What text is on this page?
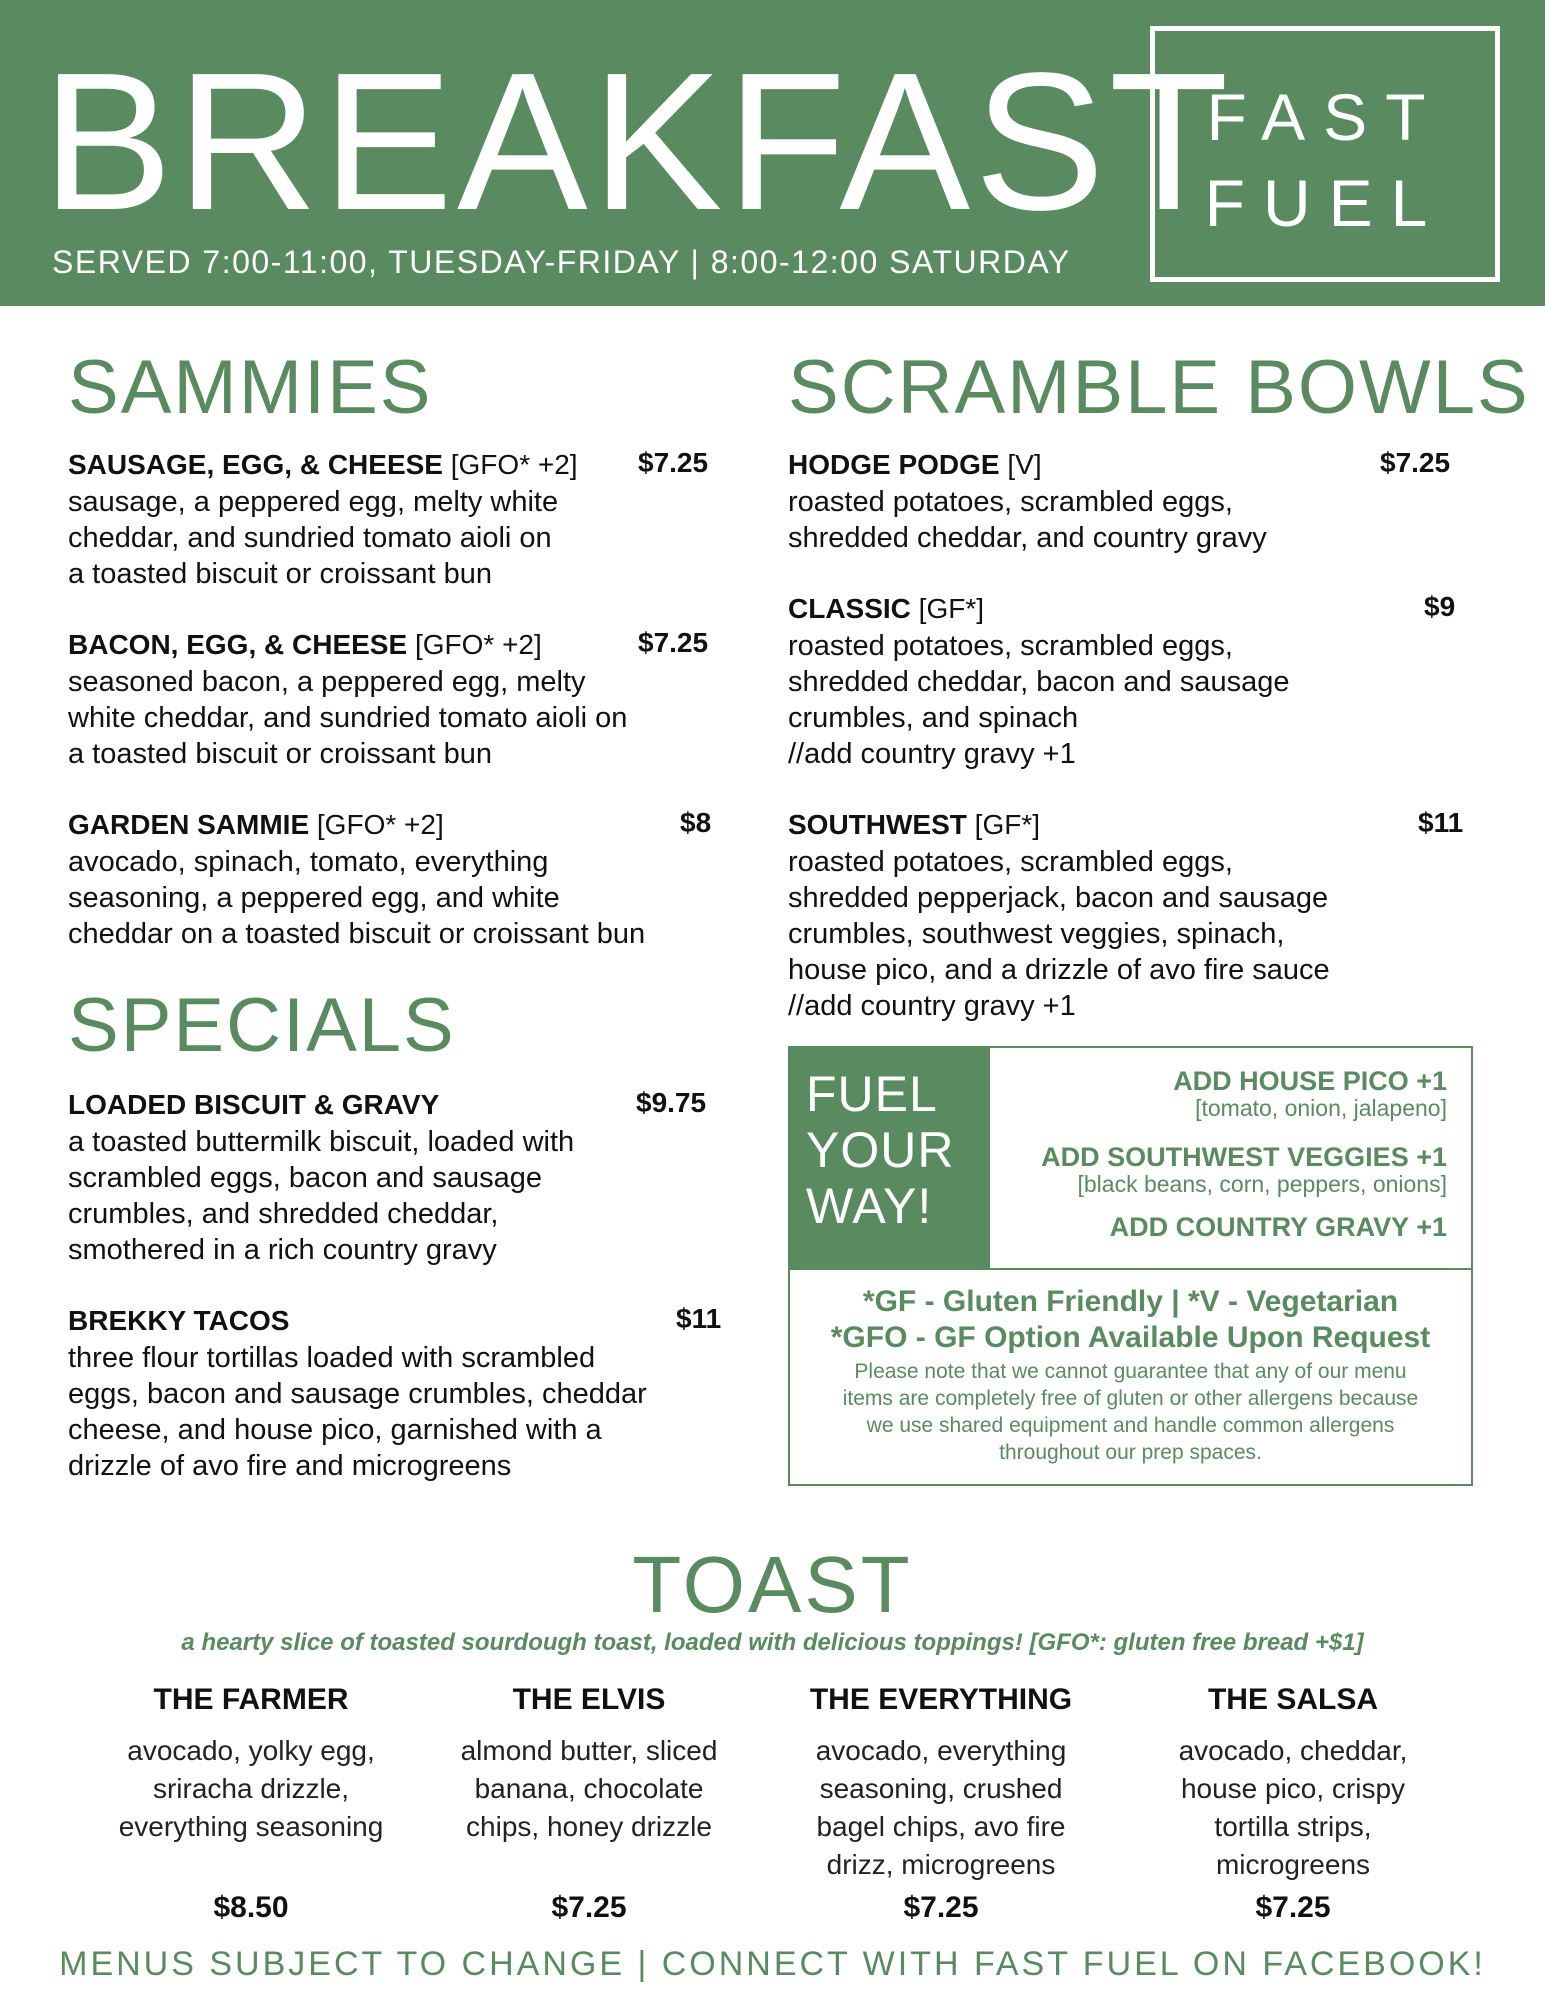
BREAKFAST
SERVED 7:00-11:00, TUESDAY-FRIDAY | 8:00-12:00 SATURDAY
FAST
FUEL
SAMMIES
SAUSAGE, EGG, & CHEESE [GFO* +2] $7.25
sausage, a peppered egg, melty white
cheddar, and sundried tomato aioli on
a toasted biscuit or croissant bun
BACON, EGG, & CHEESE [GFO* +2]	$7.25
seasoned bacon, a peppered egg, melty
white cheddar, and sundried tomato aioli on
a toasted biscuit or croissant bun
GARDEN SAMMIE [GFO* +2]	$8
avocado, spinach, tomato, everything
seasoning, a peppered egg, and white
cheddar on a toasted biscuit or croissant bun
SPECIALS
LOADED BISCUIT & GRAVY	$9.75
a toasted buttermilk biscuit, loaded with
scrambled eggs, bacon and sausage
crumbles, and shredded cheddar,
smothered in a rich country gravy
BREKKY TACOS	$11
three flour tortillas loaded with scrambled
eggs, bacon and sausage crumbles, cheddar
cheese, and house pico, garnished with a
drizzle of avo fire and microgreens
SCRAMBLE BOWLS
HODGE PODGE [V]	$7.25
roasted potatoes, scrambled eggs,
shredded cheddar, and country gravy
CLASSIC [GF*]	$9
roasted potatoes, scrambled eggs,
shredded cheddar, bacon and sausage
crumbles, and spinach
//add country gravy +1
SOUTHWEST [GF*]	$11
roasted potatoes, scrambled eggs,
shredded pepperjack, bacon and sausage
crumbles, southwest veggies, spinach,
house pico, and a drizzle of avo fire sauce
//add country gravy +1
FUEL
YOUR
WAY!
ADD HOUSE PICO +1
[tomato, onion, jalapeno]
ADD SOUTHWEST VEGGIES +1
[black beans, corn, peppers, onions]
ADD COUNTRY GRAVY +1
*GF - Gluten Friendly | *V - Vegetarian
*GFO - GF Option Available Upon Request
Please note that we cannot guarantee that any of our menu items are completely free of gluten or other allergens because we use shared equipment and handle common allergens throughout our prep spaces.
TOAST
a hearty slice of toasted sourdough toast, loaded with delicious toppings! [GFO*: gluten free bread +$1]
THE FARMER
avocado, yolky egg, sriracha drizzle, everything seasoning
THE ELVIS
almond butter, sliced banana, chocolate chips, honey drizzle
THE EVERYTHING
avocado, everything seasoning, crushed bagel chips, avo fire drizz, microgreens
THE SALSA
avocado, cheddar, house pico, crispy tortilla strips, microgreens
$8.50	$7.25	$7.25	$7.25
MENUS SUBJECT TO CHANGE | CONNECT WITH FAST FUEL ON FACEBOOK!
